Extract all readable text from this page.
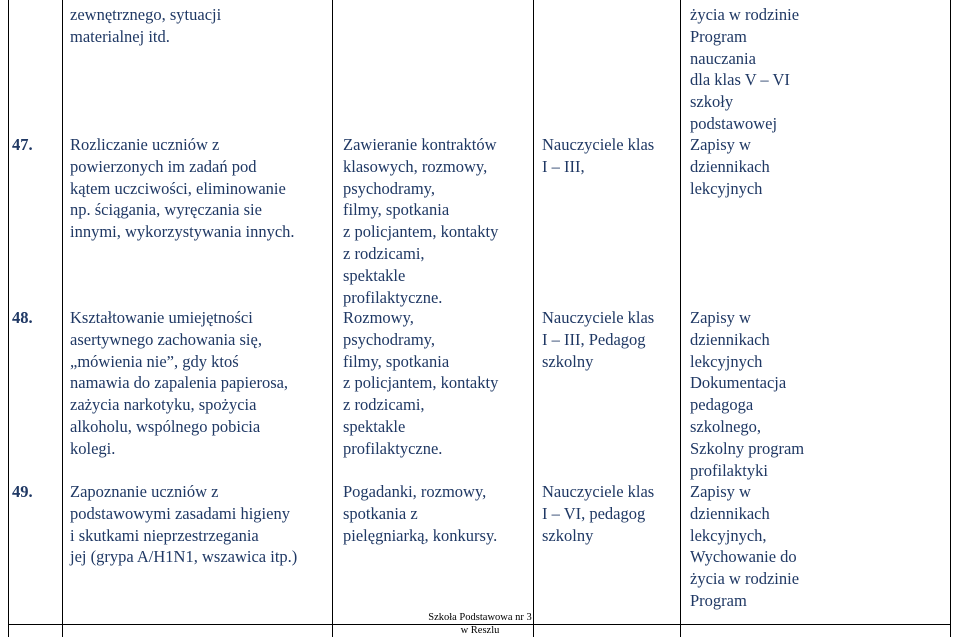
zewnętrznego, sytuacji
materialnej itd.
życia w rodzinie
Program
nauczania
dla klas V – VI
szkoły
podstawowej
47. Rozliczanie uczniów z
powierzonych im zadań pod
kątem uczciwości, eliminowanie
np. ściągania, wyręczania sie
innymi, wykorzystywania innych.
Zawieranie kontraktów
klasowych, rozmowy,
psychodramy,
filmy, spotkania
z policjantem, kontakty
z rodzicami,
spektakle
profilaktyczne.
Nauczyciele klas
I – III,
Zapisy w
dziennikach
lekcyjnych
48. Kształtowanie umiejętności
asertywnego zachowania się,
„mówienia nie”, gdy ktoś
namawia do zapalenia papierosa,
zażycia narkotyku, spożycia
alkoholu, wspólnego pobicia
kolegi.
Rozmowy,
psychodramy,
filmy, spotkania
z policjantem, kontakty
z rodzicami,
spektakle
profilaktyczne.
Nauczyciele klas
I – III, Pedagog
szkolny
Zapisy w
dziennikach
lekcyjnych
Dokumentacja
pedagoga
szkolnego,
Szkolny program
profilaktyki
49. Zapoznanie uczniów z
podstawowymi zasadami higieny
i skutkami nieprzestrzegania
jej (grypa A/H1N1, wszawica itp.)
Pogadanki, rozmowy,
spotkania z
pielęgniarką, konkursy.
Nauczyciele klas
I – VI, pedagog
szkolny
Zapisy w
dziennikach
lekcyjnych,
Wychowanie do
życia w rodzinie
Program
Szkoła Podstawowa nr 3
w Reszlu
